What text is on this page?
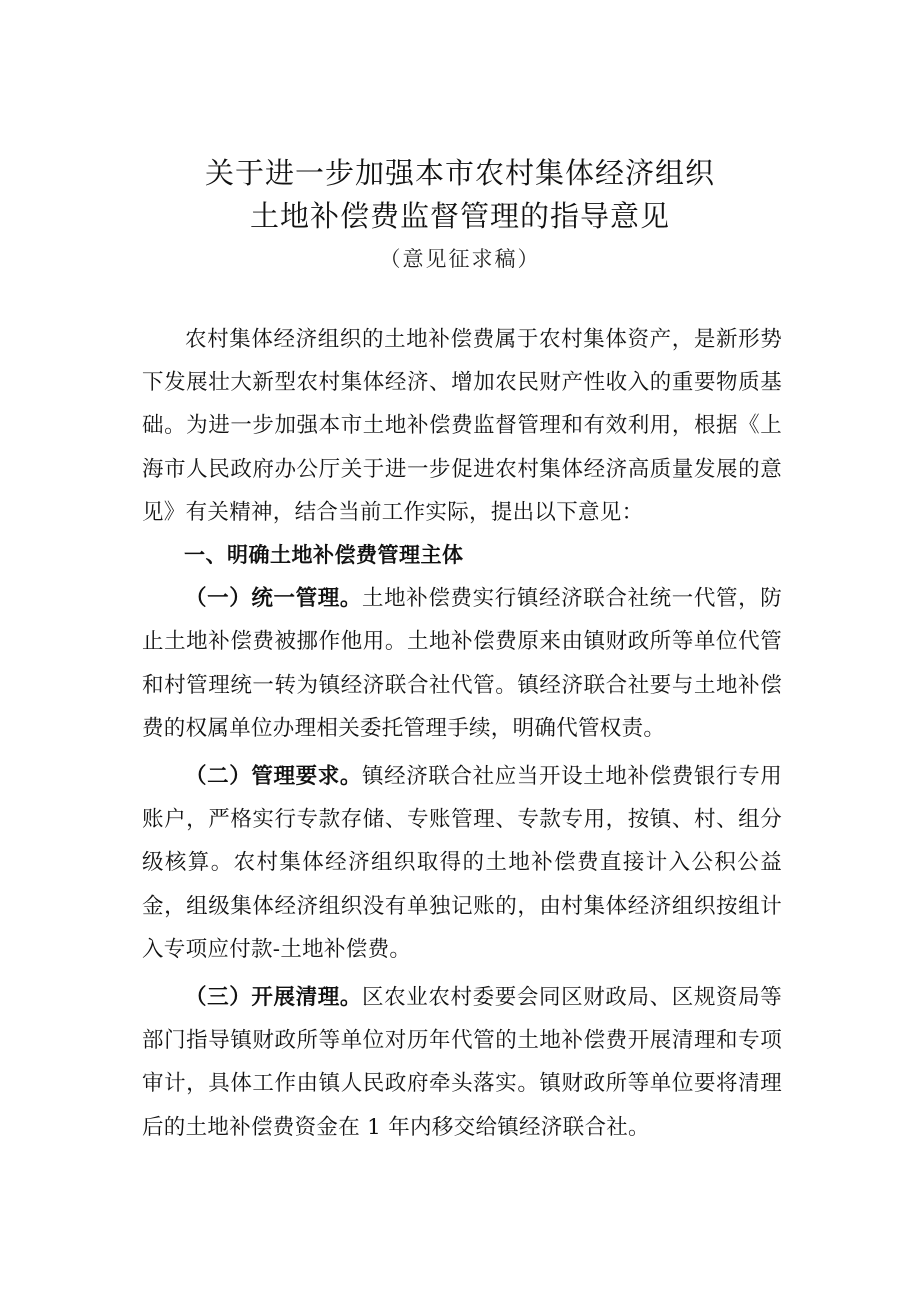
关于进一步加强本市农村集体经济组织
土地补偿费监督管理的指导意见
（意见征求稿）

农村集体经济组织的土地补偿费属于农村集体资产，是新形势下发展壮大新型农村集体经济、增加农民财产性收入的重要物质基础。为进一步加强本市土地补偿费监督管理和有效利用，根据《上海市人民政府办公厅关于进一步促进农村集体经济高质量发展的意见》有关精神，结合当前工作实际，提出以下意见：

一、明确土地补偿费管理主体

（一）统一管理。土地补偿费实行镇经济联合社统一代管，防止土地补偿费被挪作他用。土地补偿费原来由镇财政所等单位代管和村管理统一转为镇经济联合社代管。镇经济联合社要与土地补偿费的权属单位办理相关委托管理手续，明确代管权责。

（二）管理要求。镇经济联合社应当开设土地补偿费银行专用账户，严格实行专款存储、专账管理、专款专用，按镇、村、组分级核算。农村集体经济组织取得的土地补偿费直接计入公积公益金，组级集体经济组织没有单独记账的，由村集体经济组织按组计入专项应付款-土地补偿费。

（三）开展清理。区农业农村委要会同区财政局、区规资局等部门指导镇财政所等单位对历年代管的土地补偿费开展清理和专项审计，具体工作由镇人民政府牵头落实。镇财政所等单位要将清理后的土地补偿费资金在 1 年内移交给镇经济联合社。
